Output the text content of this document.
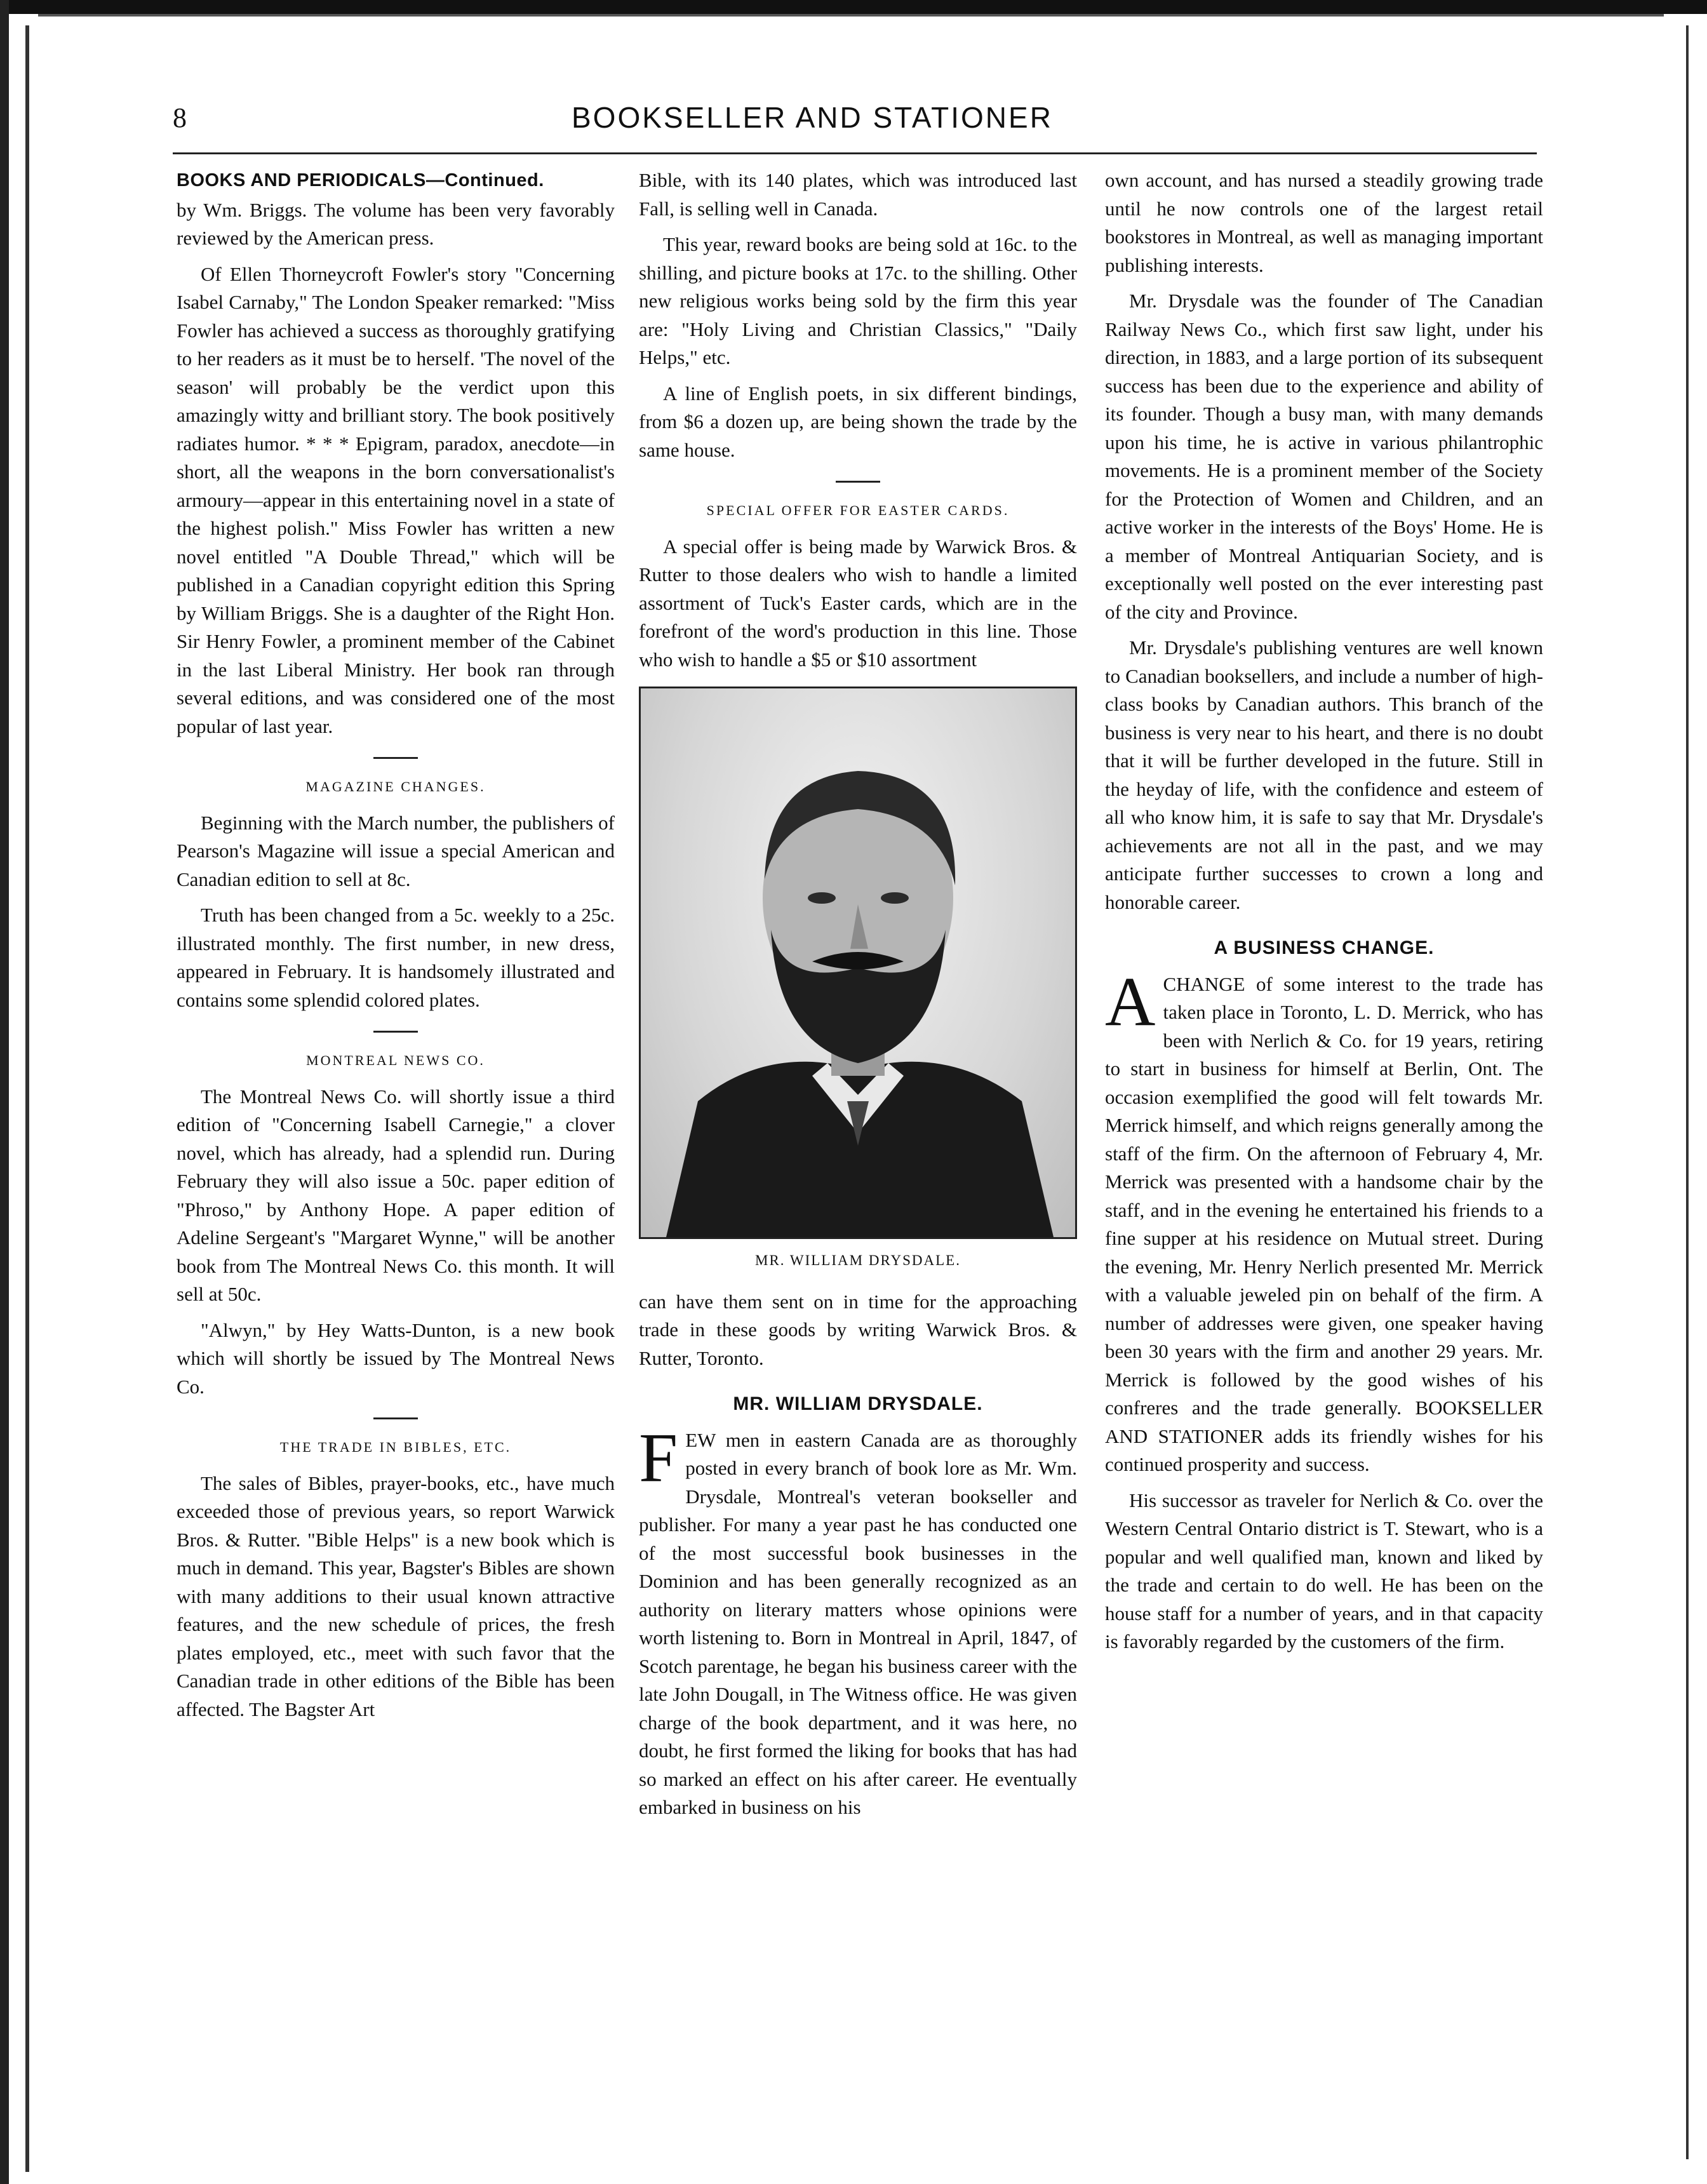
8	BOOKSELLER AND STATIONER
BOOKS AND PERIODICALS—Continued.

by Wm. Briggs. The volume has been very favorably reviewed by the American press.

Of Ellen Thorneycroft Fowler's story "Concerning Isabel Carnaby," The London Speaker remarked: "Miss Fowler has achieved a success as thoroughly gratifying to her readers as it must be to herself. 'The novel of the season' will probably be the verdict upon this amazingly witty and brilliant story. The book positively radiates humor. * * * Epigram, paradox, anecdote—in short, all the weapons in the born conversationalist's armoury—appear in this entertaining novel in a state of the highest polish." Miss Fowler has written a new novel entitled "A Double Thread," which will be published in a Canadian copyright edition this Spring by William Briggs. She is a daughter of the Right Hon. Sir Henry Fowler, a prominent member of the Cabinet in the last Liberal Ministry. Her book ran through several editions, and was considered one of the most popular of last year.

MAGAZINE CHANGES.

Beginning with the March number, the publishers of Pearson's Magazine will issue a special American and Canadian edition to sell at 8c.

Truth has been changed from a 5c. weekly to a 25c. illustrated monthly. The first number, in new dress, appeared in February. It is handsomely illustrated and contains some splendid colored plates.

MONTREAL NEWS CO.

The Montreal News Co. will shortly issue a third edition of "Concerning Isabell Carnegie," a clover novel, which has already, had a splendid run. During February they will also issue a 50c. paper edition of "Phroso," by Anthony Hope. A paper edition of Adeline Sergeant's "Margaret Wynne," will be another book from The Montreal News Co. this month. It will sell at 50c.

"Alwyn," by Hey Watts-Dunton, is a new book which will shortly be issued by The Montreal News Co.

THE TRADE IN BIBLES, ETC.

The sales of Bibles, prayer-books, etc., have much exceeded those of previous years, so report Warwick Bros. & Rutter. "Bible Helps" is a new book which is much in demand. This year, Bagster's Bibles are shown with many additions to their usual known attractive features, and the new schedule of prices, the fresh plates employed, etc., meet with such favor that the Canadian trade in other editions of the Bible has been affected. The Bagster Art

Bible, with its 140 plates, which was introduced last Fall, is selling well in Canada.

This year, reward books are being sold at 16c. to the shilling, and picture books at 17c. to the shilling. Other new religious works being sold by the firm this year are: "Holy Living and Christian Classics," "Daily Helps," etc.

A line of English poets, in six different bindings, from $6 a dozen up, are being shown the trade by the same house.

SPECIAL OFFER FOR EASTER CARDS.

A special offer is being made by Warwick Bros. & Rutter to those dealers who wish to handle a limited assortment of Tuck's Easter cards, which are in the forefront of the word's production in this line. Those who wish to handle a $5 or $10 assortment

MR. WILLIAM DRYSDALE.

can have them sent on in time for the approaching trade in these goods by writing Warwick Bros. & Rutter, Toronto.

MR. WILLIAM DRYSDALE.

FEW men in eastern Canada are as thoroughly posted in every branch of book lore as Mr. Wm. Drysdale, Montreal's veteran bookseller and publisher. For many a year past he has conducted one of the most successful book businesses in the Dominion and has been generally recognized as an authority on literary matters whose opinions were worth listening to. Born in Montreal in April, 1847, of Scotch parentage, he began his business career with the late John Dougall, in The Witness office. He was given charge of the book department, and it was here, no doubt, he first formed the liking for books that has had so marked an effect on his after career. He eventually embarked in business on his

own account, and has nursed a steadily growing trade until he now controls one of the largest retail bookstores in Montreal, as well as managing important publishing interests.

Mr. Drysdale was the founder of The Canadian Railway News Co., which first saw light, under his direction, in 1883, and a large portion of its subsequent success has been due to the experience and ability of its founder. Though a busy man, with many demands upon his time, he is active in various philantrophic movements. He is a prominent member of the Society for the Protection of Women and Children, and an active worker in the interests of the Boys' Home. He is a member of Montreal Antiquarian Society, and is exceptionally well posted on the ever interesting past of the city and Province.

Mr. Drysdale's publishing ventures are well known to Canadian booksellers, and include a number of high-class books by Canadian authors. This branch of the business is very near to his heart, and there is no doubt that it will be further developed in the future. Still in the heyday of life, with the confidence and esteem of all who know him, it is safe to say that Mr. Drysdale's achievements are not all in the past, and we may anticipate further successes to crown a long and honorable career.

A BUSINESS CHANGE.

ACHANGE of some interest to the trade has taken place in Toronto, L. D. Merrick, who has been with Nerlich & Co. for 19 years, retiring to start in business for himself at Berlin, Ont. The occasion exemplified the good will felt towards Mr. Merrick himself, and which reigns generally among the staff of the firm. On the afternoon of February 4, Mr. Merrick was presented with a handsome chair by the staff, and in the evening he entertained his friends to a fine supper at his residence on Mutual street. During the evening, Mr. Henry Nerlich presented Mr. Merrick with a valuable jeweled pin on behalf of the firm. A number of addresses were given, one speaker having been 30 years with the firm and another 29 years. Mr. Merrick is followed by the good wishes of his confreres and the trade generally. BOOKSELLER AND STATIONER adds its friendly wishes for his continued prosperity and success.

His successor as traveler for Nerlich & Co. over the Western Central Ontario district is T. Stewart, who is a popular and well qualified man, known and liked by the trade and certain to do well. He has been on the house staff for a number of years, and in that capacity is favorably regarded by the customers of the firm.
